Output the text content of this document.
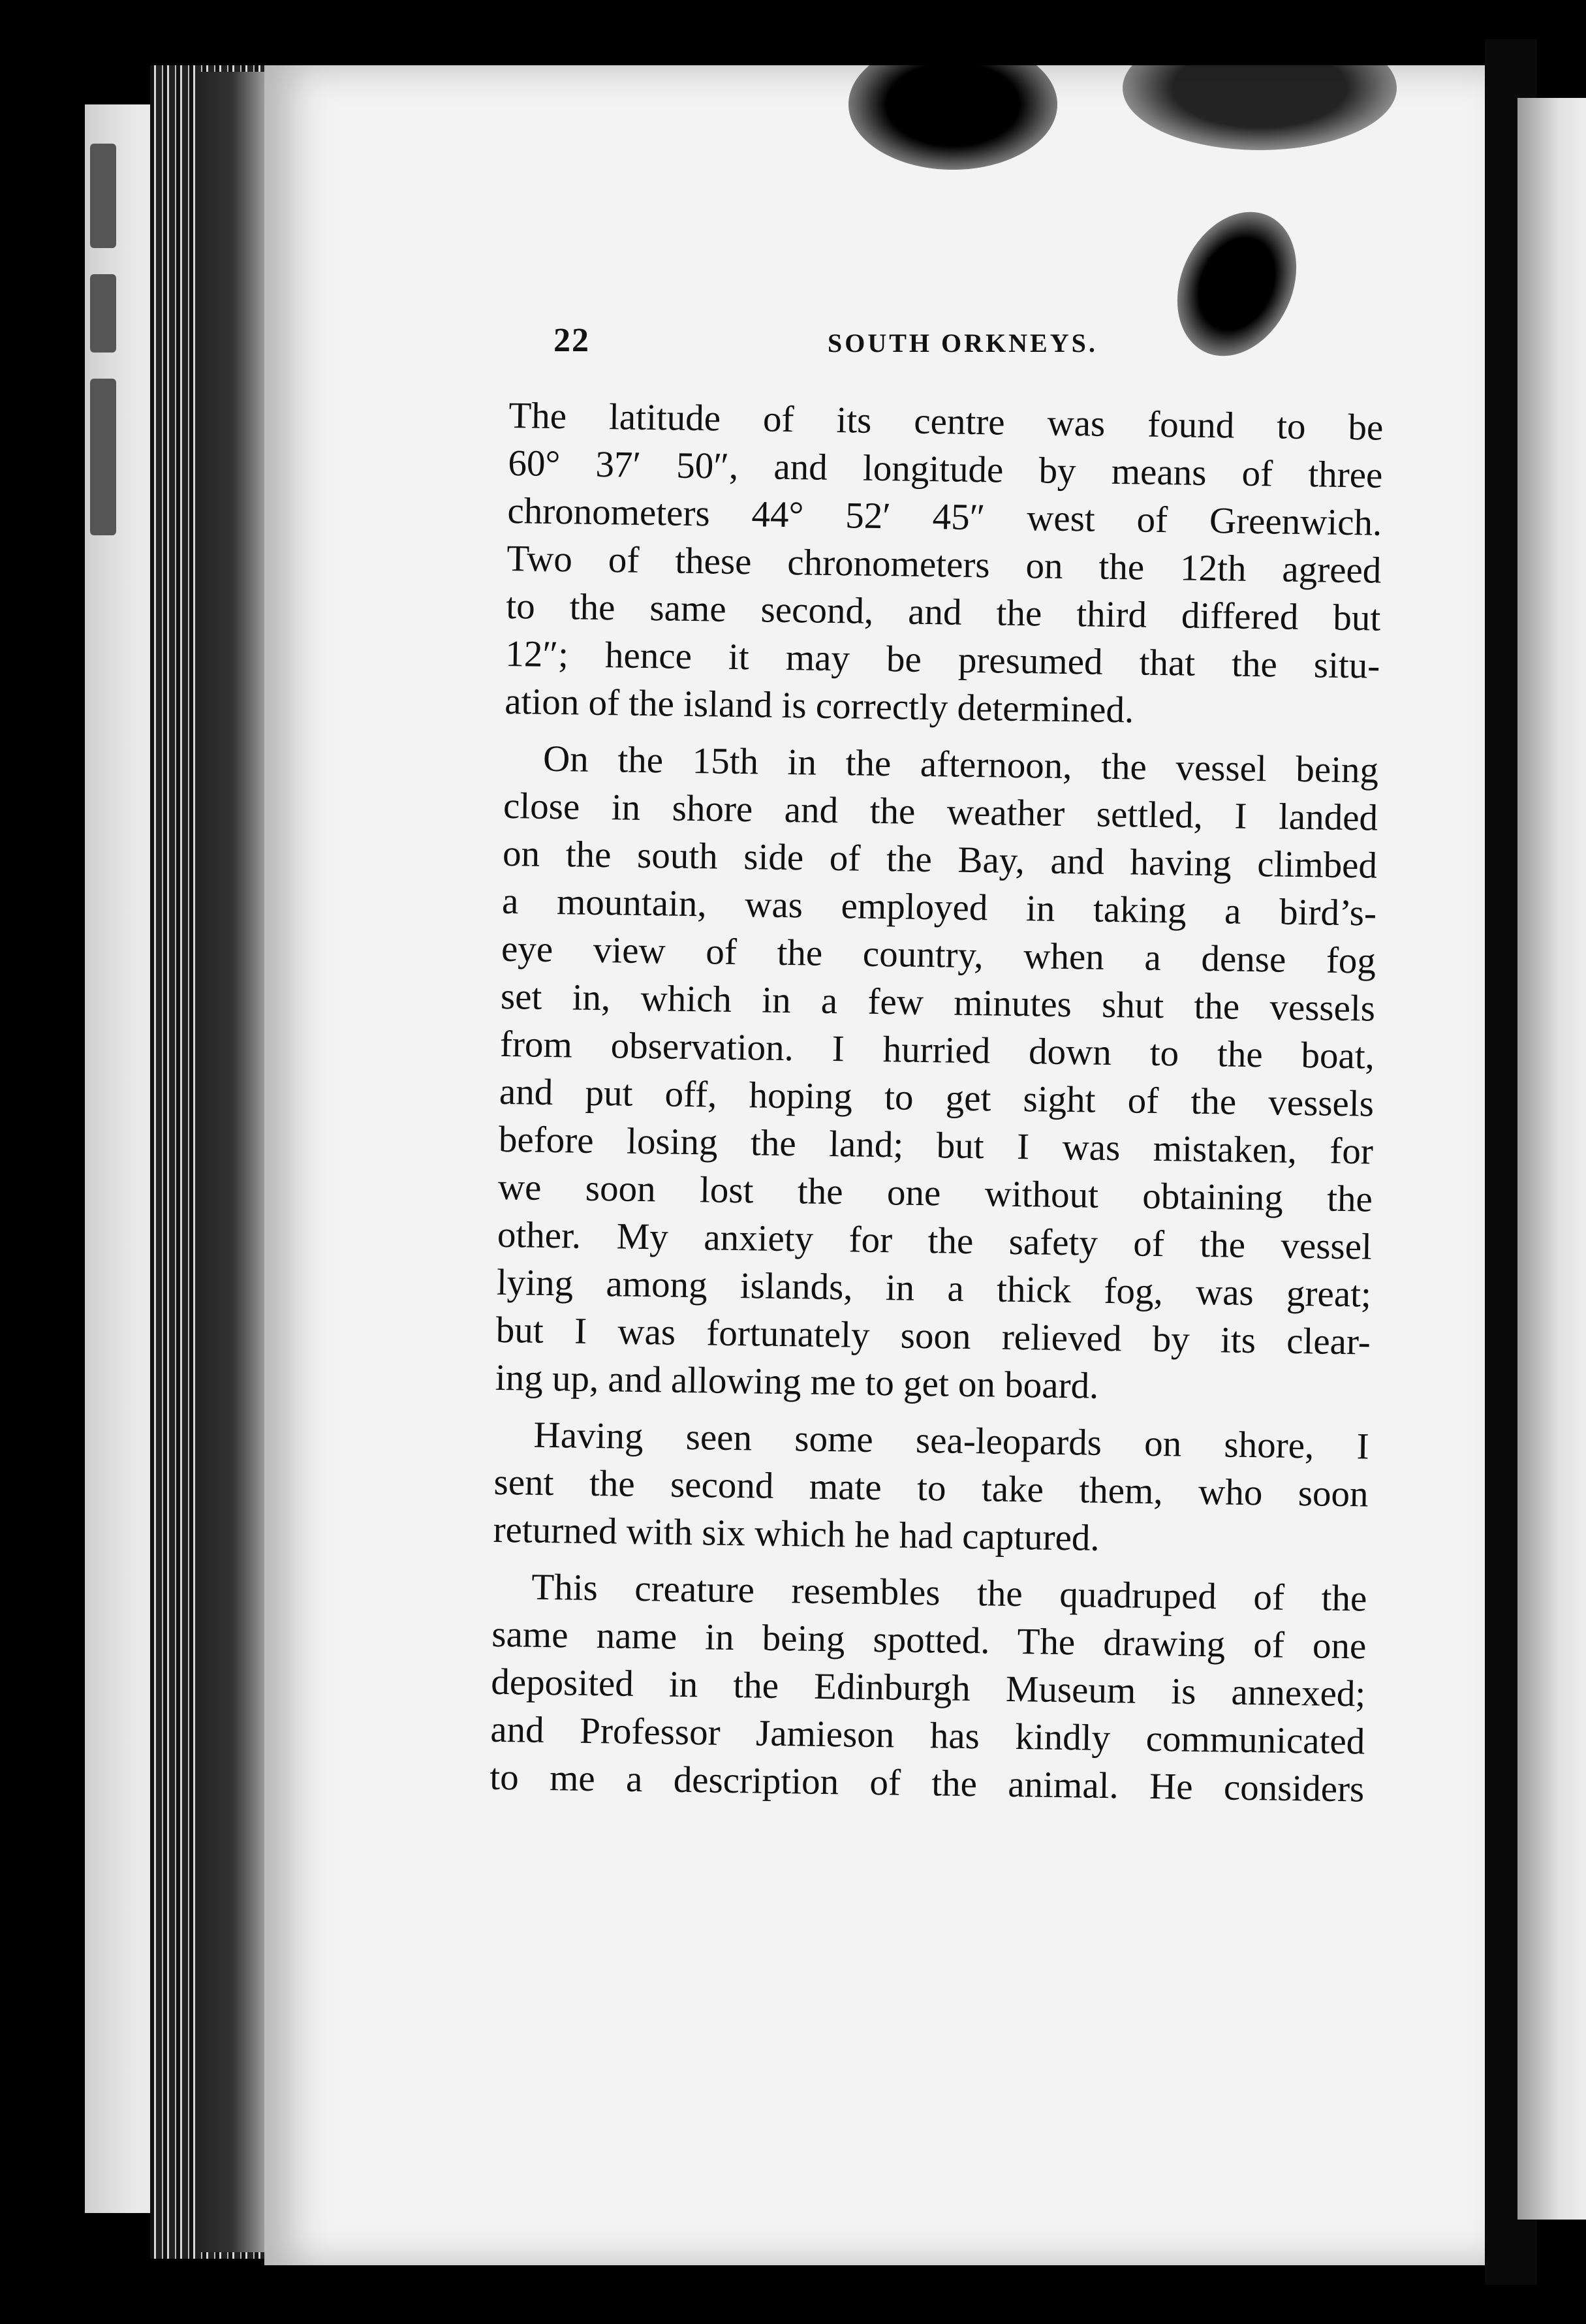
22	SOUTH ORKNEYS.

The latitude of its centre was found to be
60° 37′ 50″, and longitude by means of three
chronometers 44° 52′ 45″ west of Greenwich.
Two of these chronometers on the 12th agreed
to the same second, and the third differed but
12″; hence it may be presumed that the situ-
ation of the island is correctly determined.

On the 15th in the afternoon, the vessel being
close in shore and the weather settled, I landed
on the south side of the Bay, and having climbed
a mountain, was employed in taking a bird’s-
eye view of the country, when a dense fog
set in, which in a few minutes shut the vessels
from observation. I hurried down to the boat,
and put off, hoping to get sight of the vessels
before losing the land; but I was mistaken, for
we soon lost the one without obtaining the
other. My anxiety for the safety of the vessel
lying among islands, in a thick fog, was great;
but I was fortunately soon relieved by its clear-
ing up, and allowing me to get on board.

Having seen some sea-leopards on shore, I
sent the second mate to take them, who soon
returned with six which he had captured.

This creature resembles the quadruped of the
same name in being spotted. The drawing of one
deposited in the Edinburgh Museum is annexed;
and Professor Jamieson has kindly communicated
to me a description of the animal. He considers
